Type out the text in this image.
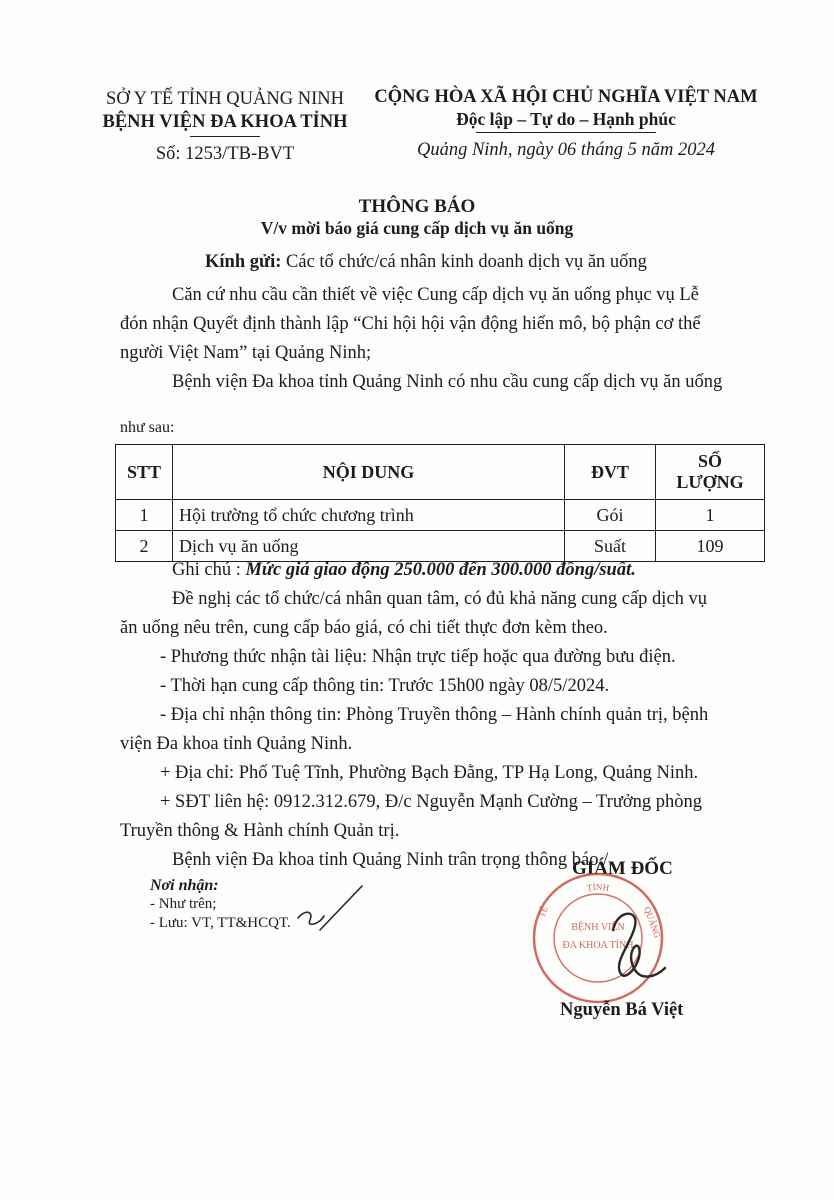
SỞ Y TẾ TỈNH QUẢNG NINH
BỆNH VIỆN ĐA KHOA TỈNH
Số: 1253/TB-BVT
CỘNG HÒA XÃ HỘI CHỦ NGHĨA VIỆT NAM
Độc lập – Tự do – Hạnh phúc
Quảng Ninh, ngày 06 tháng 5 năm 2024
THÔNG BÁO
V/v mời báo giá cung cấp dịch vụ ăn uống
Kính gửi: Các tổ chức/cá nhân kinh doanh dịch vụ ăn uống
Căn cứ nhu cầu cần thiết về việc Cung cấp dịch vụ ăn uống phục vụ Lễ
đón nhận Quyết định thành lập “Chi hội hội vận động hiến mô, bộ phận cơ thể
người Việt Nam” tại Quảng Ninh;
Bệnh viện Đa khoa tỉnh Quảng Ninh có nhu cầu cung cấp dịch vụ ăn uống
như sau:
STT	NỘI DUNG	ĐVT	SỐ
LƯỢNG
1	Hội trường tổ chức chương trình	Gói	1
2	Dịch vụ ăn uống	Suất	109
Ghi chú : Mức giá giao động 250.000 đến 300.000 đồng/suất.
Đề nghị các tổ chức/cá nhân quan tâm, có đủ khả năng cung cấp dịch vụ
ăn uống nêu trên, cung cấp báo giá, có chi tiết thực đơn kèm theo.
- Phương thức nhận tài liệu: Nhận trực tiếp hoặc qua đường bưu điện.
- Thời hạn cung cấp thông tin: Trước 15h00 ngày 08/5/2024.
- Địa chỉ nhận thông tin: Phòng Truyền thông – Hành chính quản trị, bệnh
viện Đa khoa tỉnh Quảng Ninh.
+ Địa chỉ: Phố Tuệ Tĩnh, Phường Bạch Đằng, TP Hạ Long, Quảng Ninh.
+ SĐT liên hệ: 0912.312.679, Đ/c Nguyễn Mạnh Cường – Trưởng phòng
Truyền thông & Hành chính Quản trị.
Bệnh viện Đa khoa tỉnh Quảng Ninh trân trọng thông báo./.
Nơi nhận:
- Như trên;
- Lưu: VT, TT&HCQT.
GIÁM ĐỐC
TỈNH
TẾ	QUẢNG
BỆNH VIỆN
ĐA KHOA TỈNH
Nguyễn Bá Việt
